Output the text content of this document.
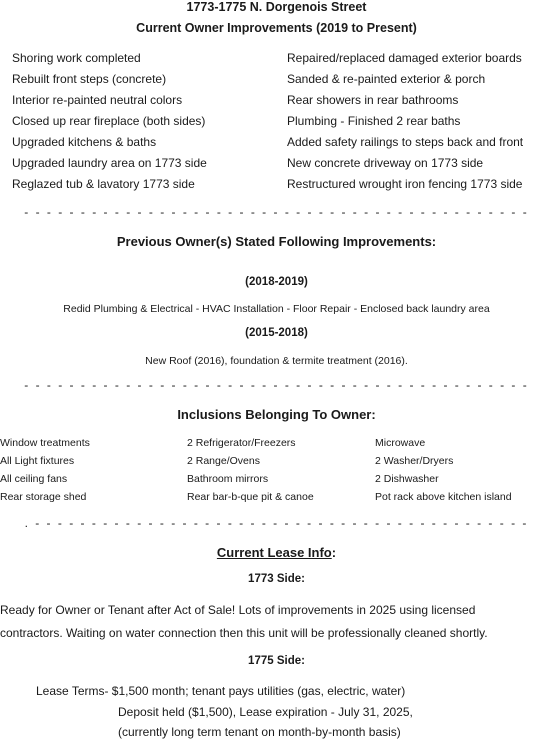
1773-1775 N. Dorgenois Street
Current Owner Improvements (2019 to Present)
Shoring work completed
Rebuilt front steps (concrete)
Interior re-painted neutral colors
Closed up rear fireplace (both sides)
Upgraded kitchens & baths
Upgraded laundry area on 1773 side
Reglazed tub & lavatory 1773 side
Repaired/replaced damaged exterior boards
Sanded & re-painted exterior & porch
Rear showers in rear bathrooms
Plumbing - Finished 2 rear baths
Added safety railings to steps back and front
New concrete driveway on 1773 side
Restructured wrought iron fencing 1773 side
- - - - - - - - - - - - - - - - - - - - - - - - - - - - - - - - - - - - - - - - - - - - -
Previous Owner(s) Stated Following Improvements:
(2018-2019)
Redid Plumbing & Electrical - HVAC Installation - Floor Repair - Enclosed back laundry area
(2015-2018)
New Roof (2016), foundation & termite treatment (2016).
- - - - - - - - - - - - - - - - - - - - - - - - - - - - - - - - - - - - - - - - - - - - -
Inclusions Belonging To Owner:
Window treatments
All Light fixtures
All ceiling fans
Rear storage shed
2 Refrigerator/Freezers
2 Range/Ovens
Bathroom mirrors
Rear bar-b-que pit & canoe
Microwave
2 Washer/Dryers
2 Dishwasher
Pot rack above kitchen island
. - - - - - - - - - - - - - - - - - - - - - - - - - - - - - - - - - - - - - - - - - - - -
Current Lease Info:
1773 Side:
Ready for Owner or Tenant after Act of Sale! Lots of improvements in 2025 using licensed
contractors. Waiting on water connection then this unit will be professionally cleaned shortly.
1775 Side:
Lease Terms- $1,500 month; tenant pays utilities (gas, electric, water)
Deposit held ($1,500), Lease expiration - July 31, 2025,
(currently long term tenant on month-by-month basis)
